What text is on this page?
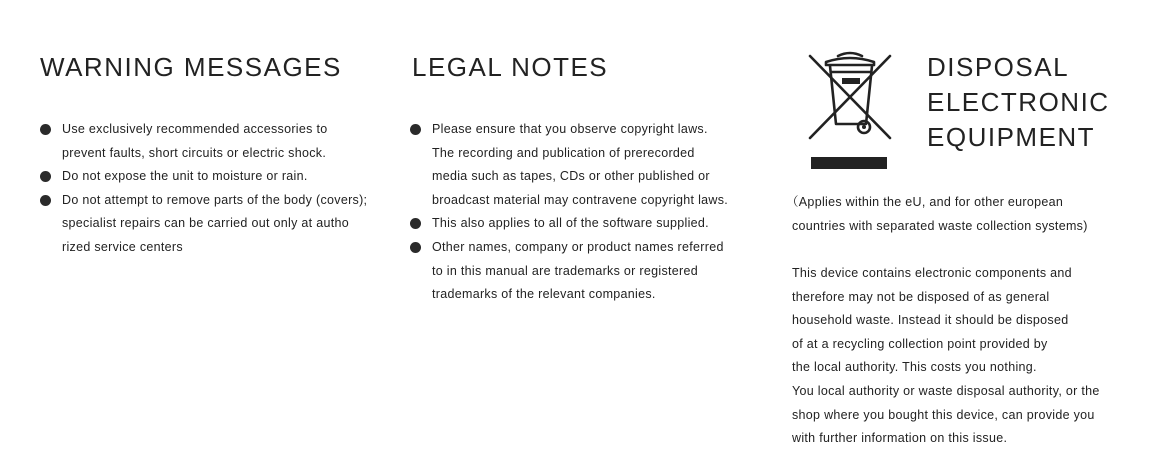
WARNING MESSAGES
Use exclusively recommended accessories to
prevent faults, short circuits or electric shock.
Do not expose the unit to moisture or rain.
Do not attempt to remove parts of the body (covers);
specialist repairs can be carried out only at autho
rized service centers
LEGAL NOTES
Please ensure that you observe copyright laws.
The recording and publication of prerecorded
media such as tapes, CDs or other published or
broadcast material may contravene copyright laws.
This also applies to all of the software supplied.
Other names, company or product names referred
to in this manual are trademarks or registered
trademarks of the relevant companies.
DISPOSAL
ELECTRONIC
EQUIPMENT

（Applies within the eU, and for other european
countries with separated waste collection systems)

This device contains electronic components and
therefore may not be disposed of as general
household waste. Instead it should be disposed
of at a recycling collection point provided by
the local authority. This costs you nothing.
You local authority or waste disposal authority, or the
shop where you bought this device, can provide you
with further information on this issue.
